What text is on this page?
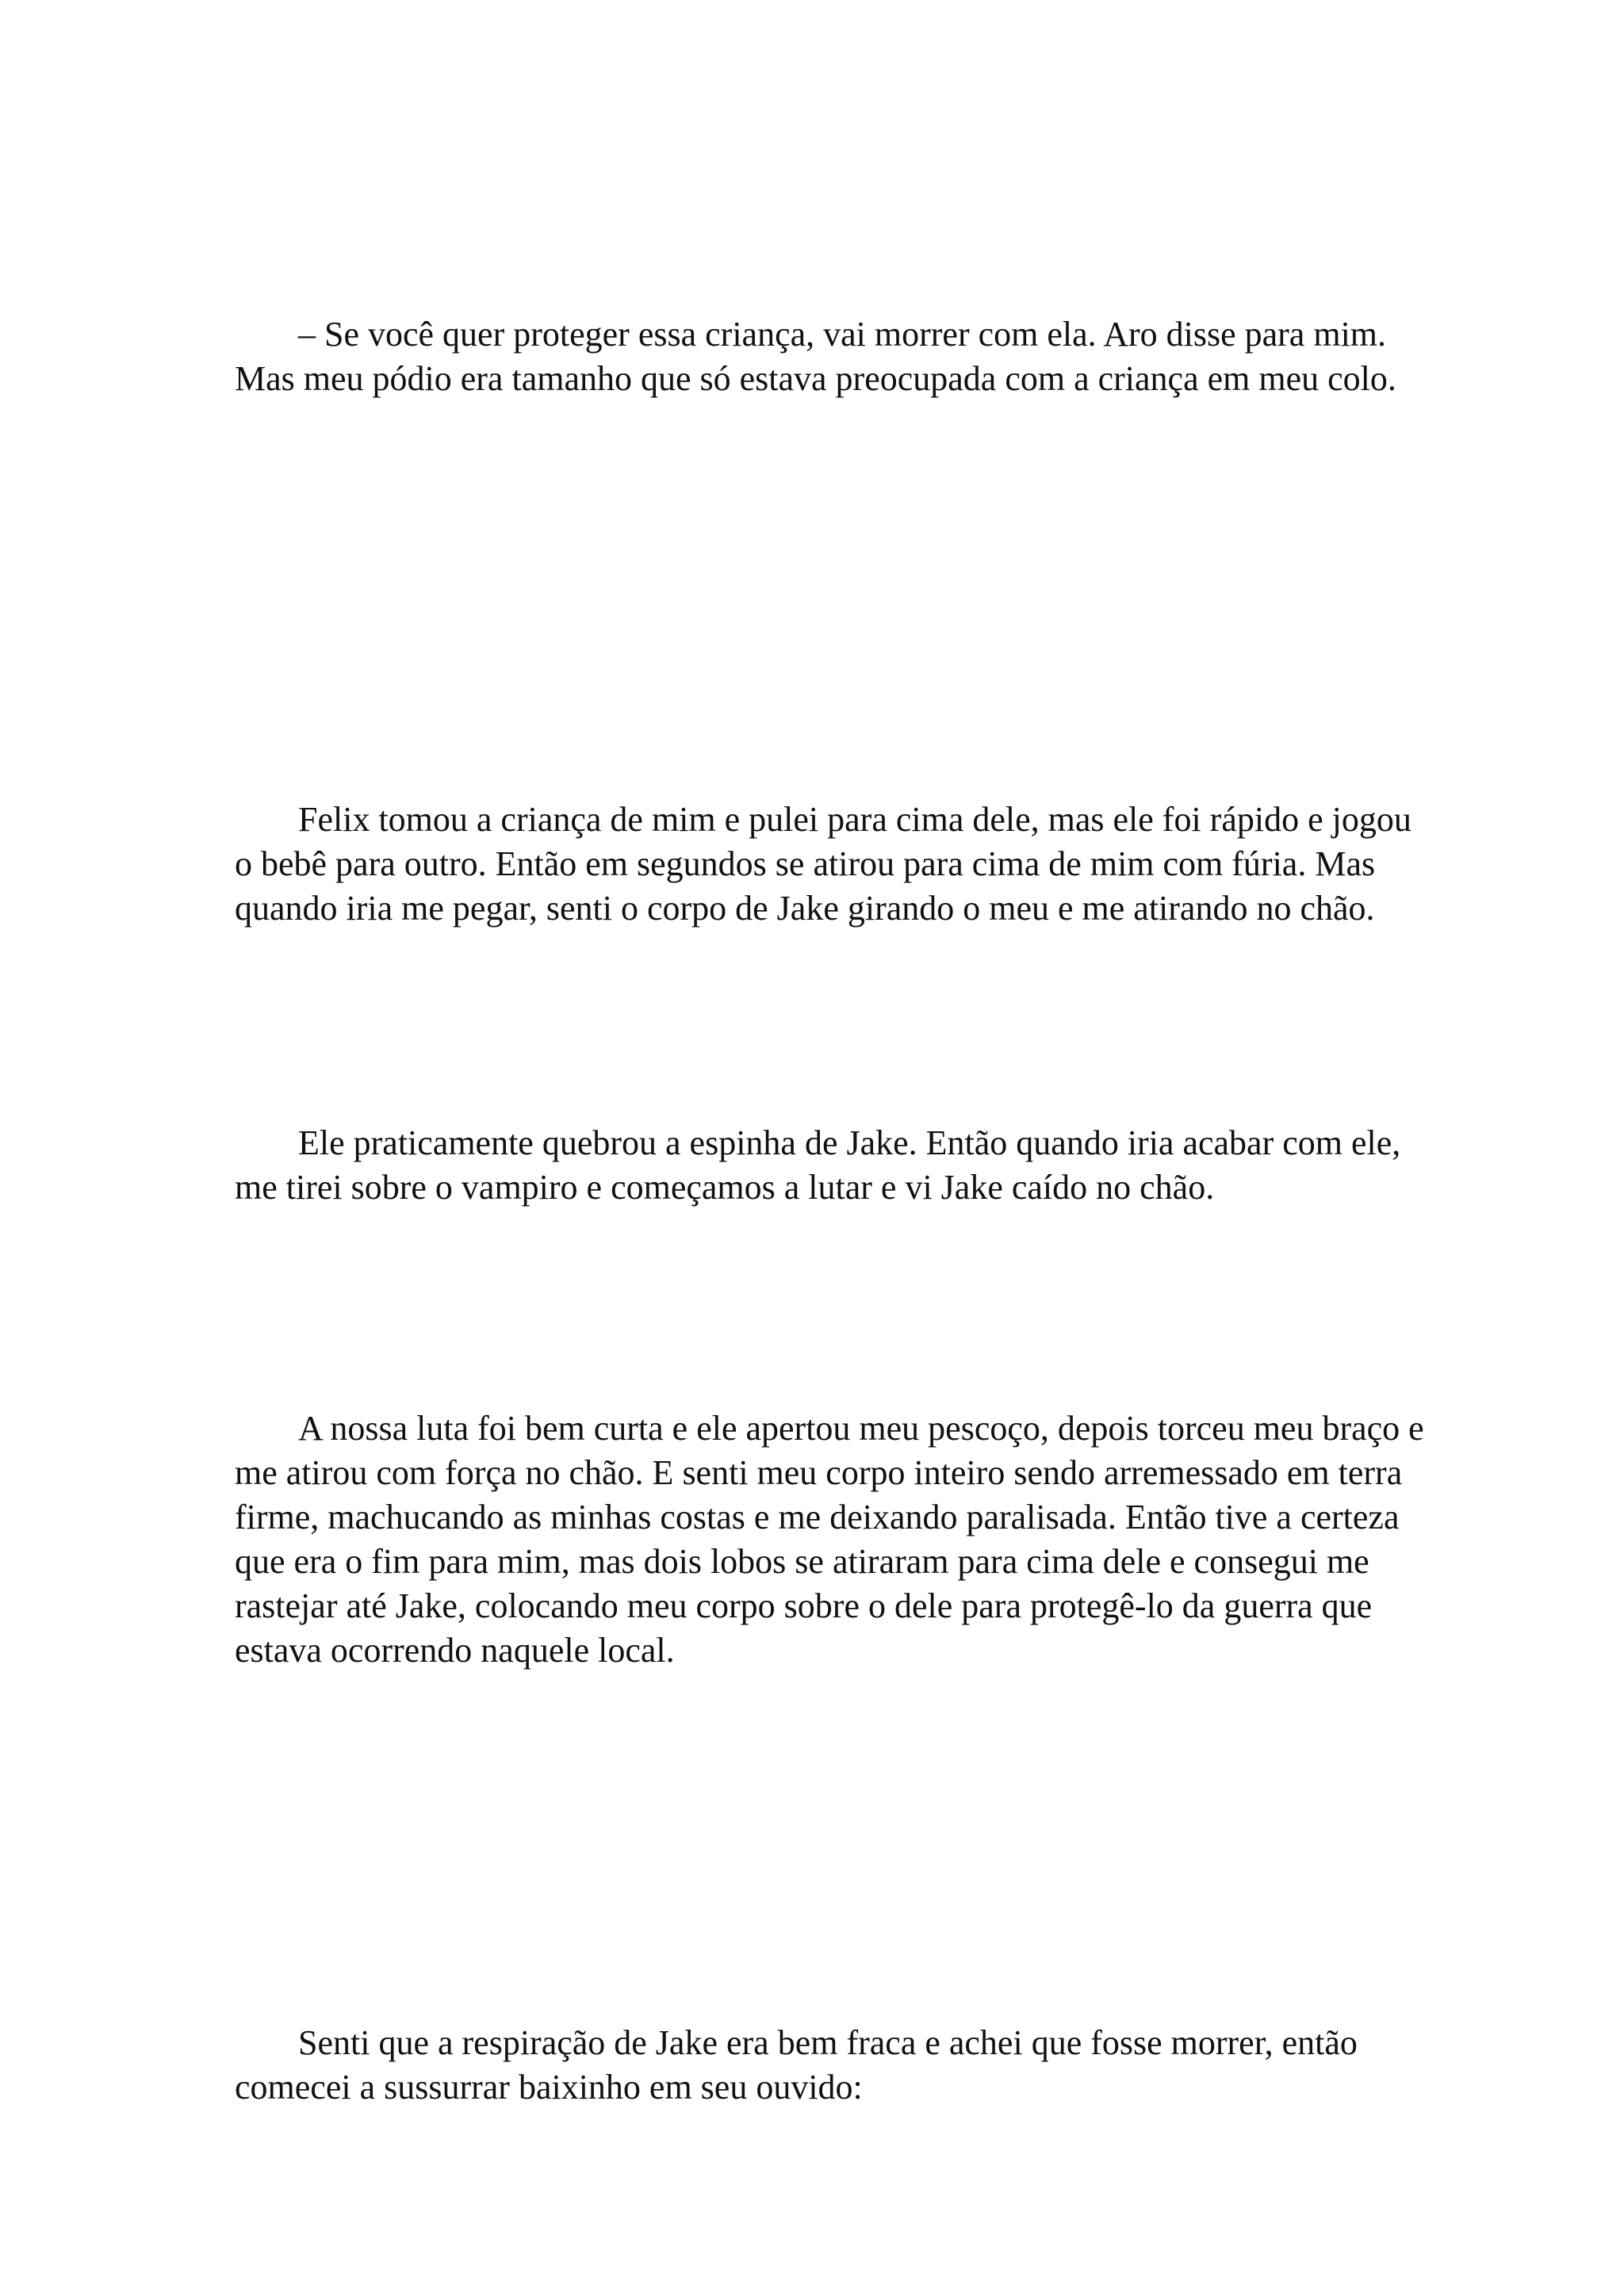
– Se você quer proteger essa criança, vai morrer com ela. Aro disse para mim. Mas meu pódio era tamanho que só estava preocupada com a criança em meu colo.

Felix tomou a criança de mim e pulei para cima dele, mas ele foi rápido e jogou o bebê para outro. Então em segundos se atirou para cima de mim com fúria. Mas quando iria me pegar, senti o corpo de Jake girando o meu e me atirando no chão.

Ele praticamente quebrou a espinha de Jake. Então quando iria acabar com ele, me tirei sobre o vampiro e começamos a lutar e vi Jake caído no chão.

A nossa luta foi bem curta e ele apertou meu pescoço, depois torceu meu braço e me atirou com força no chão. E senti meu corpo inteiro sendo arremessado em terra firme, machucando as minhas costas e me deixando paralisada. Então tive a certeza que era o fim para mim, mas dois lobos se atiraram para cima dele e consegui me rastejar até Jake, colocando meu corpo sobre o dele para protegê-lo da guerra que estava ocorrendo naquele local.

Senti que a respiração de Jake era bem fraca e achei que fosse morrer, então comecei a sussurrar baixinho em seu ouvido:
